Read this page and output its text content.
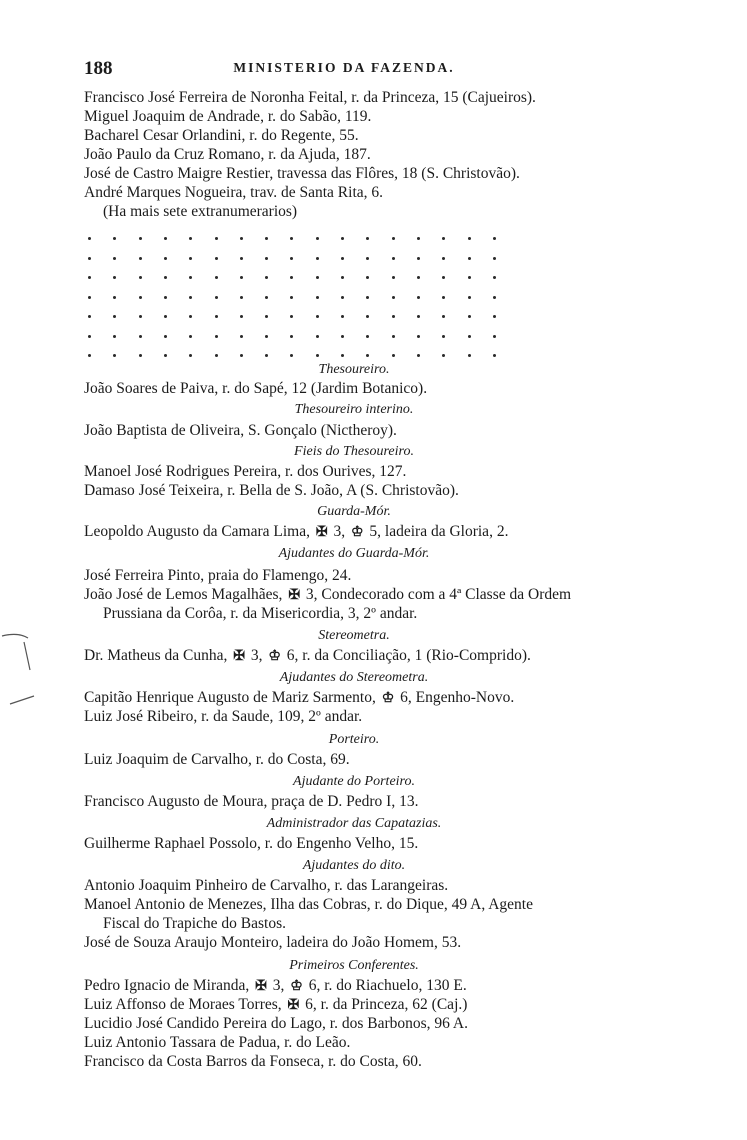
188	MINISTERIO DA FAZENDA.
Francisco José Ferreira de Noronha Feital, r. da Princeza, 15 (Cajueiros).
Miguel Joaquim de Andrade, r. do Sabão, 119.
Bacharel Cesar Orlandini, r. do Regente, 55.
João Paulo da Cruz Romano, r. da Ajuda, 187.
José de Castro Maigre Restier, travessa das Flôres, 18 (S. Christovão).
André Marques Nogueira, trav. de Santa Rita, 6.
(Ha mais sete extranumerarios)
Thesoureiro.
João Soares de Paiva, r. do Sapé, 12 (Jardim Botanico).
Thesoureiro interino.
João Baptista de Oliveira, S. Gonçalo (Nictheroy).
Fieis do Thesoureiro.
Manoel José Rodrigues Pereira, r. dos Ourives, 127.
Damaso José Teixeira, r. Bella de S. João, A (S. Christovão).
Guarda-Mór.
Leopoldo Augusto da Camara Lima, ✠ 3, ♔ 5, ladeira da Gloria, 2.
Ajudantes do Guarda-Mór.
José Ferreira Pinto, praia do Flamengo, 24.
João José de Lemos Magalhães, ✠ 3, Condecorado com a 4ª Classe da Ordem
Prussiana da Corôa, r. da Misericordia, 3, 2º andar.
Stereometra.
Dr. Matheus da Cunha, ✠ 3, ♔ 6, r. da Conciliação, 1 (Rio-Comprido).
Ajudantes do Stereometra.
Capitão Henrique Augusto de Mariz Sarmento, ♔ 6, Engenho-Novo.
Luiz José Ribeiro, r. da Saude, 109, 2º andar.
Porteiro.
Luiz Joaquim de Carvalho, r. do Costa, 69.
Ajudante do Porteiro.
Francisco Augusto de Moura, praça de D. Pedro I, 13.
Administrador das Capatazias.
Guilherme Raphael Possolo, r. do Engenho Velho, 15.
Ajudantes do dito.
Antonio Joaquim Pinheiro de Carvalho, r. das Larangeiras.
Manoel Antonio de Menezes, Ilha das Cobras, r. do Dique, 49 A, Agente
Fiscal do Trapiche do Bastos.
José de Souza Araujo Monteiro, ladeira do João Homem, 53.
Primeiros Conferentes.
Pedro Ignacio de Miranda, ✠ 3, ♔ 6, r. do Riachuelo, 130 E.
Luiz Affonso de Moraes Torres, ✠ 6, r. da Princeza, 62 (Caj.)
Lucidio José Candido Pereira do Lago, r. dos Barbonos, 96 A.
Luiz Antonio Tassara de Padua, r. do Leão.
Francisco da Costa Barros da Fonseca, r. do Costa, 60.
